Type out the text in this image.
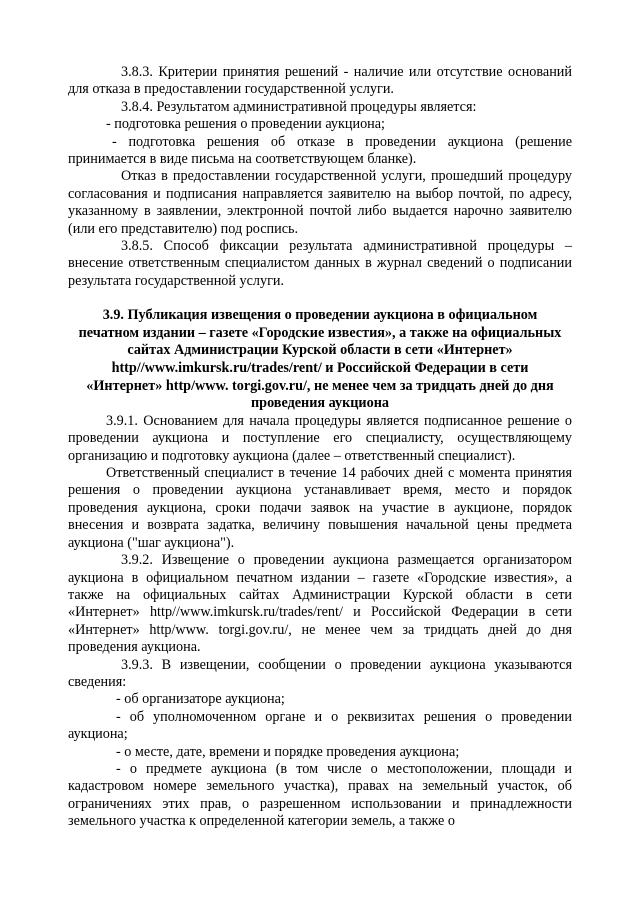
3.8.3. Критерии принятия решений - наличие или отсутствие оснований для отказа в предоставлении государственной услуги.

3.8.4. Результатом административной процедуры является:

- подготовка решения о проведении аукциона;

- подготовка решения об отказе в проведении аукциона (решение принимается в виде письма на соответствующем бланке).

Отказ в предоставлении государственной услуги, прошедший процедуру согласования и подписания направляется заявителю на выбор почтой, по адресу, указанному в заявлении, электронной почтой либо выдается нарочно заявителю (или его представителю) под роспись.

3.8.5. Способ фиксации результата административной процедуры – внесение ответственным специалистом данных в журнал сведений о подписании результата государственной услуги.

3.9. Публикация извещения о проведении аукциона в официальном печатном издании – газете «Городские известия», а также на официальных сайтах Администрации Курской области в сети «Интернет» http//www.imkursk.ru/trades/rent/ и Российской Федерации в сети «Интернет» http/www. torgi.gov.ru/, не менее чем за тридцать дней до дня проведения аукциона

3.9.1. Основанием для начала процедуры является подписанное решение о проведении аукциона и поступление его специалисту, осуществляющему организацию и подготовку аукциона (далее – ответственный специалист).

Ответственный специалист в течение 14 рабочих дней с момента принятия решения о проведении аукциона устанавливает время, место и порядок проведения аукциона, сроки подачи заявок на участие в аукционе, порядок внесения и возврата задатка, величину повышения начальной цены предмета аукциона ("шаг аукциона").

3.9.2. Извещение о проведении аукциона размещается организатором аукциона в официальном печатном издании – газете «Городские известия», а также на официальных сайтах Администрации Курской области в сети «Интернет» http//www.imkursk.ru/trades/rent/ и Российской Федерации в сети «Интернет» http/www. torgi.gov.ru/, не менее чем за тридцать дней до дня проведения аукциона.

3.9.3. В извещении, сообщении о проведении аукциона указываются сведения:

- об организаторе аукциона;

- об уполномоченном органе и о реквизитах решения о проведении аукциона;

- о месте, дате, времени и порядке проведения аукциона;

- о предмете аукциона (в том числе о местоположении, площади и кадастровом номере земельного участка), правах на земельный участок, об ограничениях этих прав, о разрешенном использовании и принадлежности земельного участка к определенной категории земель, а также о
